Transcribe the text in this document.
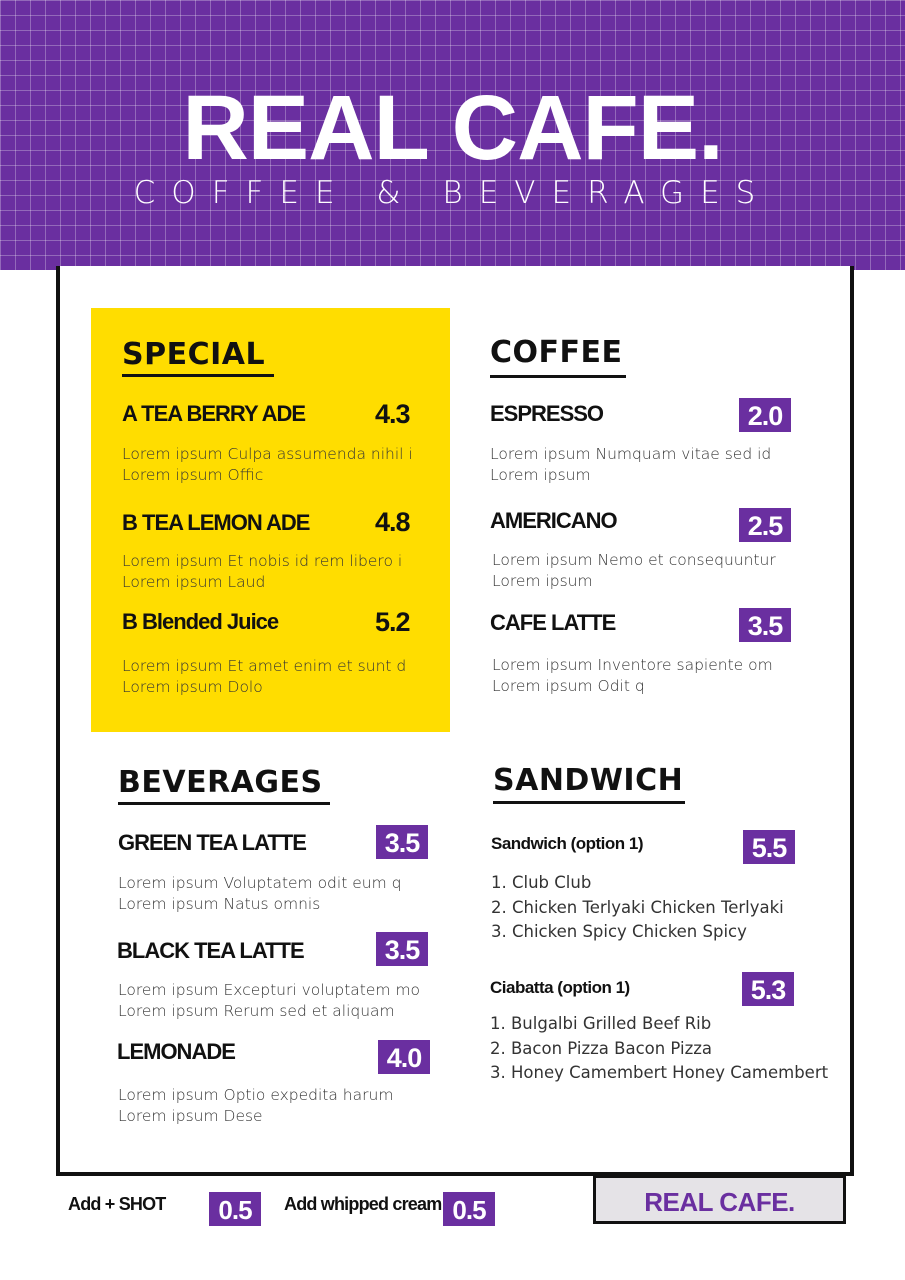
REAL CAFE.
COFFEE & BEVERAGES
SPECIAL
A TEA BERRY ADE	4.3
Lorem ipsum Culpa assumenda nihil i
Lorem ipsum Offic
B TEA LEMON ADE 4.8
Lorem ipsum Et nobis id rem libero i
Lorem ipsum Laud
B Blended Juice	5.2
Lorem ipsum Et amet enim et sunt d
Lorem ipsum Dolo
COFFEE
ESPRESSO	2.0
Lorem ipsum Numquam vitae sed id
Lorem ipsum
AMERICANO	2.5
Lorem ipsum Nemo et consequuntur
Lorem ipsum
CAFE LATTE	3.5
Lorem ipsum Inventore sapiente om
Lorem ipsum Odit q
BEVERAGES
GREEN TEA LATTE	3.5
Lorem ipsum Voluptatem odit eum q
Lorem ipsum Natus omnis
BLACK TEA LATTE	3.5
Lorem ipsum Excepturi voluptatem mo
Lorem ipsum Rerum sed et aliquam
LEMONADE	4.0
Lorem ipsum Optio expedita harum
Lorem ipsum Dese
SANDWICH
Sandwich (option 1)	5.5
1. Club Club
2. Chicken Terlyaki Chicken Terlyaki
3. Chicken Spicy Chicken Spicy
Ciabatta (option 1)	5.3
1. Bulgalbi Grilled Beef Rib
2. Bacon Pizza Bacon Pizza
3. Honey Camembert Honey Camembert
Add + SHOT	0.5	Add whipped cream 0.5	REAL CAFE.
